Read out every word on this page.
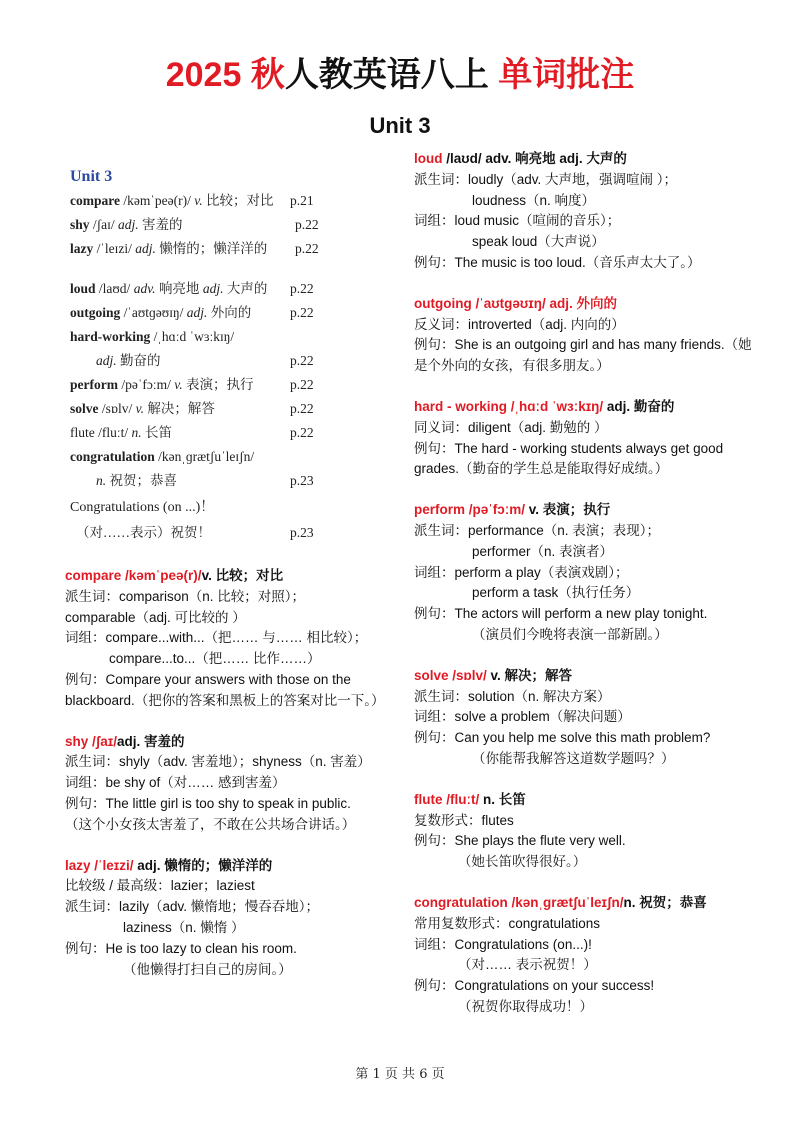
2025 秋人教英语八上 单词批注
Unit 3
Unit 3
compare /kəmˈpeə(r)/ v. 比较；对比 p.21
shy /ʃaɪ/ adj. 害羞的	p.22
lazy /ˈleɪzi/ adj. 懒惰的；懒洋洋的 p.22
loud /laʊd/ adv. 响亮地 adj. 大声的 p.22
outgoing /ˈaʊtɡəʊɪŋ/ adj. 外向的	p.22
hard-working /ˌhɑːd ˈwɜːkɪŋ/
adj. 勤奋的	p.22
perform /pəˈfɔːm/ v. 表演；执行	p.22
solve /sɒlv/ v. 解决；解答	p.22
flute /fluːt/ n. 长笛	p.22
congratulation /kənˌɡrætʃuˈleɪʃn/
n. 祝贺；恭喜	p.23
Congratulations (on ...)！
（对……表示）祝贺！	p.23
compare /kəmˈpeə(r)/v. 比较；对比
派生词：comparison（n. 比较；对照）；
comparable（adj. 可比较的 ）
词组：compare...with...（把…… 与…… 相比较）；
compare...to...（把…… 比作……）
例句：Compare your answers with those on the blackboard.（把你的答案和黑板上的答案对比一下。）
shy /ʃaɪ/adj. 害羞的
派生词：shyly（adv. 害羞地）；shyness（n. 害羞）
词组：be shy of（对…… 感到害羞）
例句：The little girl is too shy to speak in public.
（这个小女孩太害羞了，不敢在公共场合讲话。）
lazy /ˈleɪzi/ adj. 懒惰的；懒洋洋的
比较级 / 最高级：lazier；laziest
派生词：lazily（adv. 懒惰地；慢吞吞地）；
laziness（n. 懒惰 ）
例句：He is too lazy to clean his room.
（他懒得打扫自己的房间。）
loud /laʊd/ adv. 响亮地 adj. 大声的
派生词：loudly（adv. 大声地，强调喧闹 ）；
loudness（n. 响度）
词组：loud music（喧闹的音乐）；
speak loud（大声说）
例句：The music is too loud.（音乐声太大了。）
outgoing /ˈaʊtɡəʊɪŋ/ adj. 外向的
反义词：introverted（adj. 内向的）
例句：She is an outgoing girl and has many friends.（她是个外向的女孩，有很多朋友。）
hard - working /ˌhɑːd ˈwɜːkɪŋ/ adj. 勤奋的
同义词：diligent（adj. 勤勉的 ）
例句：The hard - working students always get good grades.（勤奋的学生总是能取得好成绩。）
perform /pəˈfɔːm/ v. 表演；执行
派生词：performance（n. 表演；表现）；
performer（n. 表演者）
词组：perform a play（表演戏剧）；
perform a task（执行任务）
例句：The actors will perform a new play tonight.
（演员们今晚将表演一部新剧。）
solve /sɒlv/ v. 解决；解答
派生词：solution（n. 解决方案）
词组：solve a problem（解决问题）
例句：Can you help me solve this math problem?
（你能帮我解答这道数学题吗？）
flute /fluːt/ n. 长笛
复数形式：flutes
例句：She plays the flute very well.
（她长笛吹得很好。）
congratulation /kənˌɡrætʃuˈleɪʃn/n. 祝贺；恭喜
常用复数形式：congratulations
词组：Congratulations (on...)!
（对…… 表示祝贺！）
例句：Congratulations on your success!
（祝贺你取得成功！）
第 1 页 共 6 页
